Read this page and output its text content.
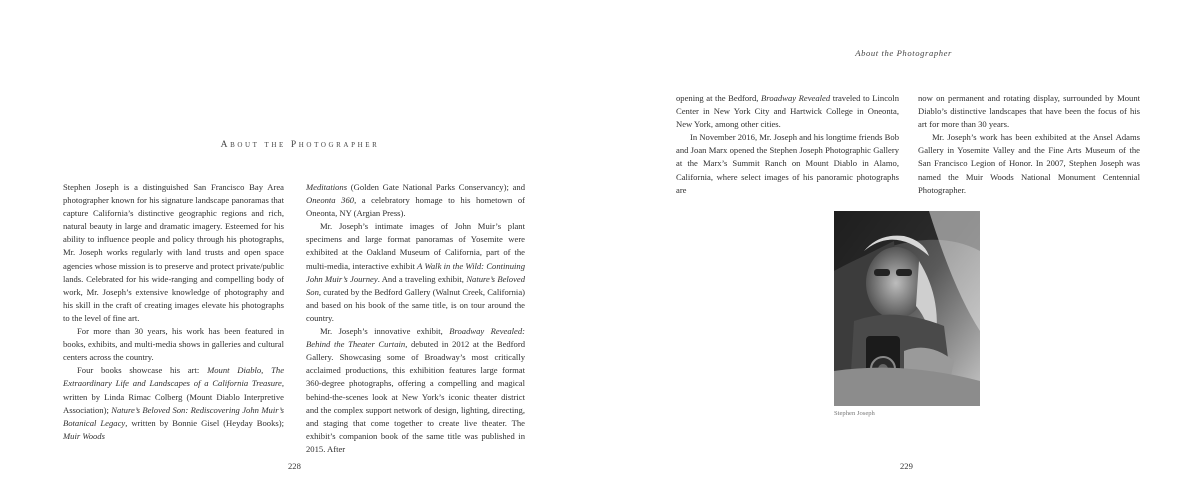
About the Photographer

Stephen Joseph is a distinguished San Francisco Bay Area photographer known for his signature landscape panoramas that capture California’s distinctive geographic regions and rich, natural beauty in large and dramatic imagery. Esteemed for his ability to influence people and policy through his photographs, Mr. Joseph works regularly with land trusts and open space agencies whose mission is to preserve and protect private/public lands. Celebrated for his wide-ranging and compelling body of work, Mr. Joseph’s extensive knowledge of photography and his skill in the craft of creating images elevate his photographs to the level of fine art.

For more than 30 years, his work has been featured in books, exhibits, and multi-media shows in galleries and cultural centers across the country.

Four books showcase his art: Mount Diablo, The Extraordinary Life and Landscapes of a California Treasure, written by Linda Rimac Colberg (Mount Diablo Interpretive Association); Nature’s Beloved Son: Rediscovering John Muir’s Botanical Legacy, written by Bonnie Gisel (Heyday Books); Muir Woods

Meditations (Golden Gate National Parks Conservancy); and Oneonta 360, a celebratory homage to his hometown of Oneonta, NY (Argian Press).

Mr. Joseph’s intimate images of John Muir’s plant specimens and large format panoramas of Yosemite were exhibited at the Oakland Museum of California, part of the multi-media, interactive exhibit A Walk in the Wild: Continuing John Muir’s Journey. And a traveling exhibit, Nature’s Beloved Son, curated by the Bedford Gallery (Walnut Creek, California) and based on his book of the same title, is on tour around the country.

Mr. Joseph’s innovative exhibit, Broadway Revealed: Behind the Theater Curtain, debuted in 2012 at the Bedford Gallery. Showcasing some of Broadway’s most critically acclaimed productions, this exhibition features large format 360-degree photographs, offering a compelling and magical behind-the-scenes look at New York’s iconic theater district and the complex support network of design, lighting, directing, and staging that come together to create live theater. The exhibit’s companion book of the same title was published in 2015. After

228
About the Photographer

opening at the Bedford, Broadway Revealed traveled to Lincoln Center in New York City and Hartwick College in Oneonta, New York, among other cities.

In November 2016, Mr. Joseph and his longtime friends Bob and Joan Marx opened the Stephen Joseph Photographic Gallery at the Marx’s Summit Ranch on Mount Diablo in Alamo, California, where select images of his panoramic photographs are

now on permanent and rotating display, surrounded by Mount Diablo’s distinctive landscapes that have been the focus of his art for more than 30 years.

Mr. Joseph’s work has been exhibited at the Ansel Adams Gallery in Yosemite Valley and the Fine Arts Museum of the San Francisco Legion of Honor. In 2007, Stephen Joseph was named the Muir Woods National Monument Centennial Photographer.

Stephen Joseph
229
